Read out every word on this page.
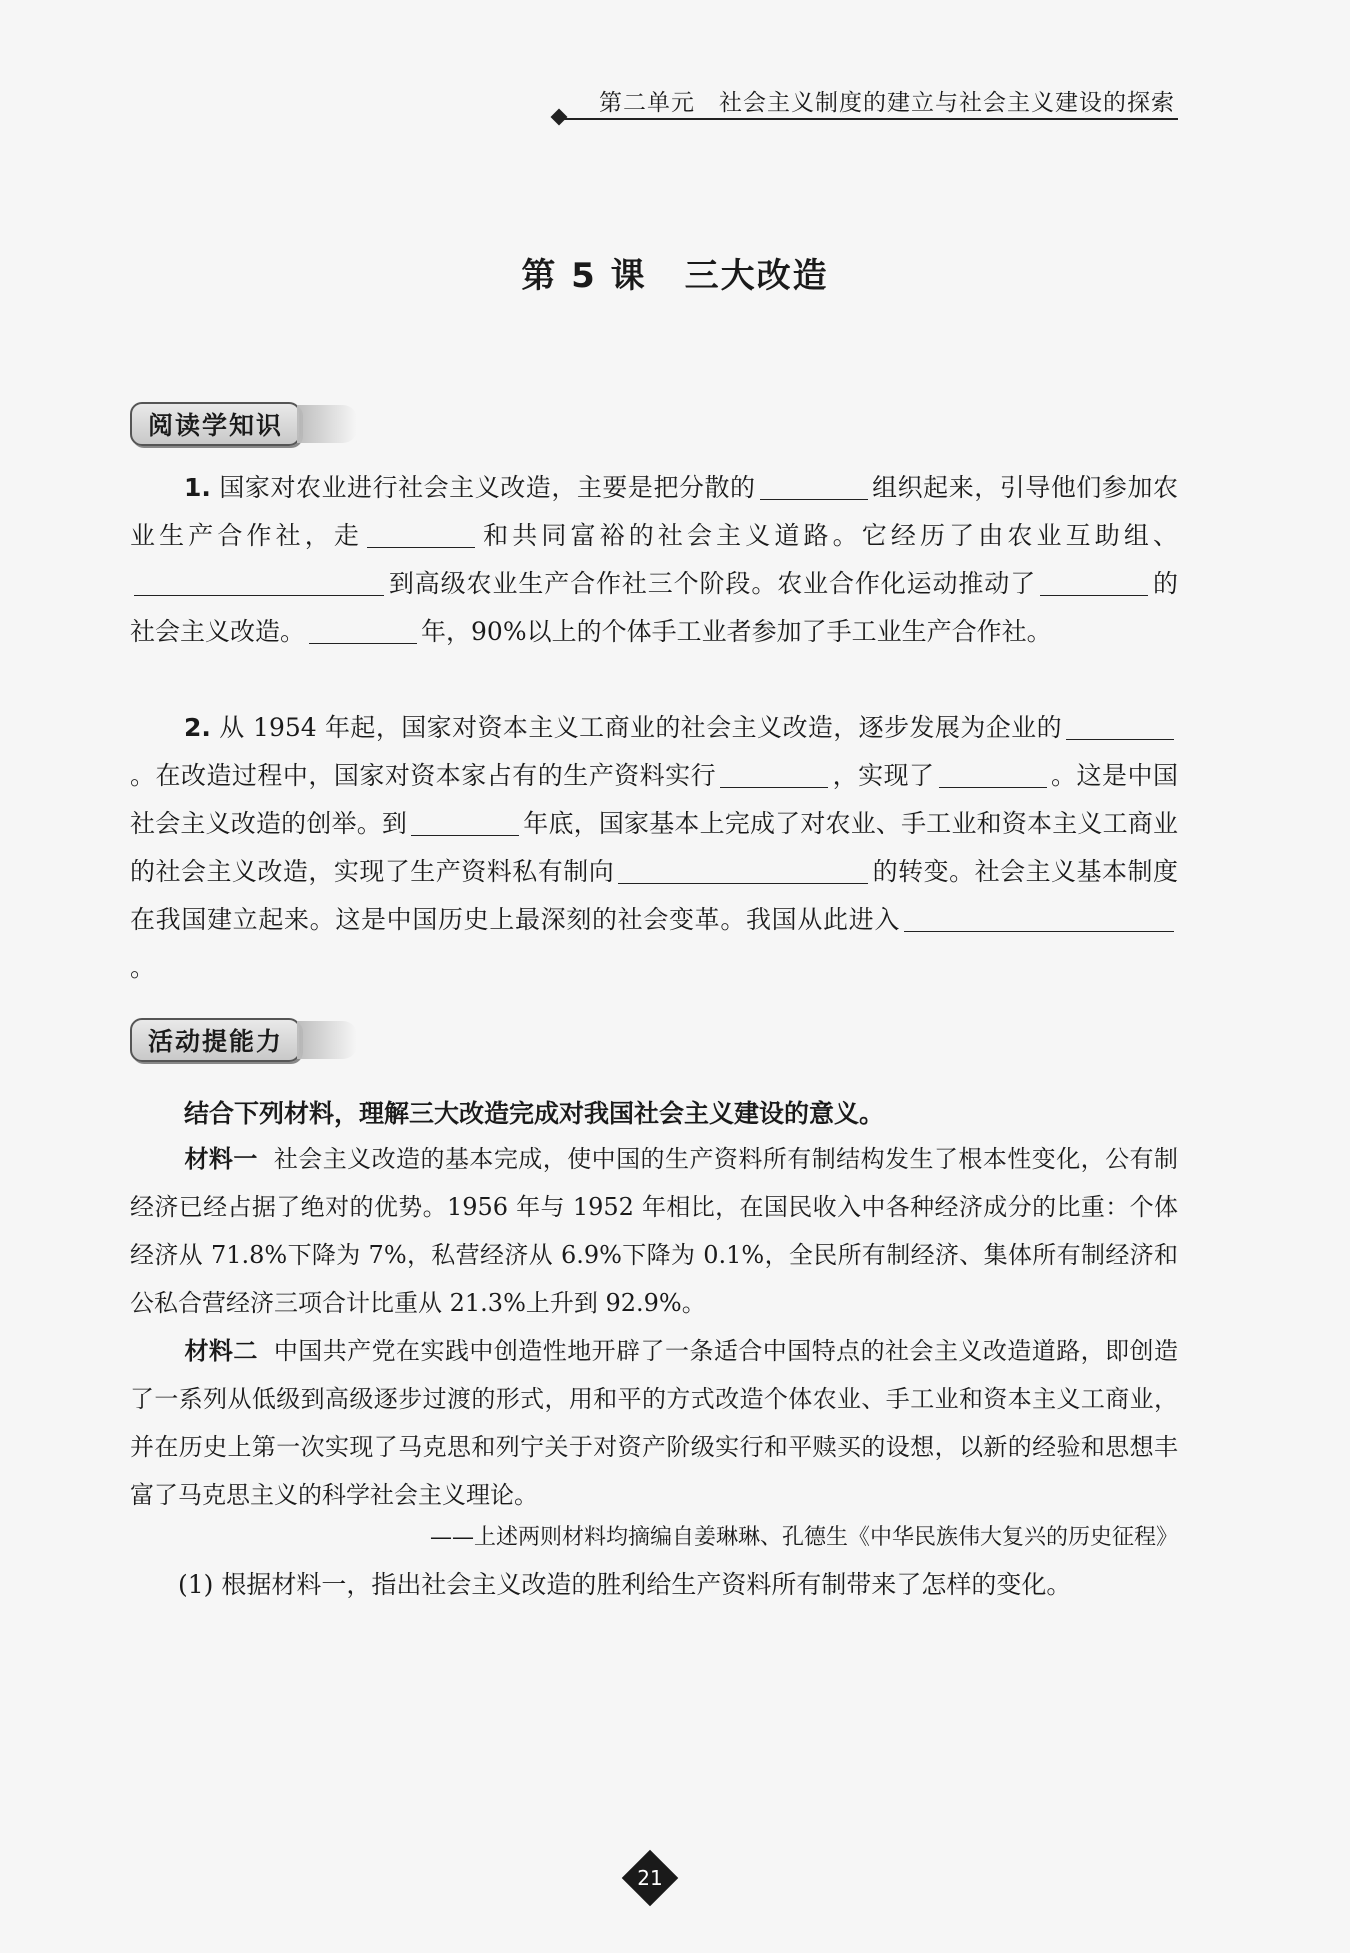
第二单元 社会主义制度的建立与社会主义建设的探索
第 5 课 三大改造
阅读学知识
1. 国家对农业进行社会主义改造，主要是把分散的	组织起来，引导他们参加农业生产合作社，走	和共同富裕的社会主义道路。它经历了由农业互助组、到高级农业生产合作社三个阶段。农业合作化运动推动了	的社会主义改造。	年，90%以上的个体手工业者参加了手工业生产合作社。
2. 从 1954 年起，国家对资本主义工商业的社会主义改造，逐步发展为企业的。在改造过程中，国家对资本家占有的生产资料实行	，实现了	。这是中国社会主义改造的创举。到	年底，国家基本上完成了对农业、手工业和资本主义工商业的社会主义改造，实现了生产资料私有制向	的转变。社会主义基本制度在我国建立起来。这是中国历史上最深刻的社会变革。我国从此进入。
活动提能力
结合下列材料，理解三大改造完成对我国社会主义建设的意义。
材料一 社会主义改造的基本完成，使中国的生产资料所有制结构发生了根本性变化，公有制经济已经占据了绝对的优势。1956 年与 1952 年相比，在国民收入中各种经济成分的比重：个体经济从 71.8%下降为 7%，私营经济从 6.9%下降为 0.1%，全民所有制经济、集体所有制经济和公私合营经济三项合计比重从 21.3%上升到 92.9%。
材料二 中国共产党在实践中创造性地开辟了一条适合中国特点的社会主义改造道路，即创造了一系列从低级到高级逐步过渡的形式，用和平的方式改造个体农业、手工业和资本主义工商业，并在历史上第一次实现了马克思和列宁关于对资产阶级实行和平赎买的设想，以新的经验和思想丰富了马克思主义的科学社会主义理论。
——上述两则材料均摘编自姜琳琳、孔德生《中华民族伟大复兴的历史征程》
(1) 根据材料一，指出社会主义改造的胜利给生产资料所有制带来了怎样的变化。
21
